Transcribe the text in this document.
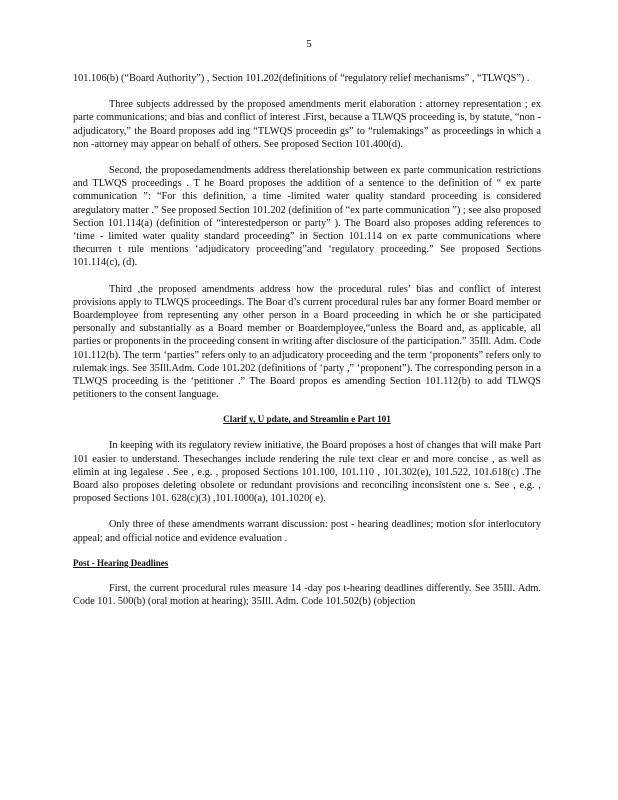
5

101.106(b) (“Board Authority”) , Section 101.202(definitions of “regulatory relief mechanisms” , “TLWQS”) .

Three subjects addressed by the proposed amendments merit elaboration : attorney representation ; ex parte communications; and bias and conflict of interest .First, because a TLWQS proceeding is, by statute, “non -adjudicatory,” the Board proposes add ing “TLWQS proceedin gs” to “rulemakings” as proceedings in which a non -attorney may appear on behalf of others. See proposed Section 101.400(d).

Second, the proposedamendments address therelationship between ex parte communication restrictions and TLWQS proceedings . T he Board proposes the addition of a sentence to the definition of “ ex parte communication ”: “For this definition, a time -limited water quality standard proceeding is considered aregulatory matter .” See proposed Section 101.202 (definition of “ex parte communication ”) ; see also proposed Section 101.114(a) (definition of “interestedperson or party” ). The Board also proposes adding references to ‘time - limited water quality standard proceeding” in Section 101.114 on ex parte communications where thecurren t rule mentions ‘adjudicatory proceeding”and ‘regulatory proceeding.” See proposed Sections 101.114(c), (d).

Third ,the proposed amendments address how the procedural rules’ bias and conflict of interest provisions apply to TLWQS proceedings. The Boar d’s current procedural rules bar any former Board member or Boardemployee from representing any other person in a Board proceeding in which he or she participated personally and substantially as a Board member or Boardemployee,“unless the Board and, as applicable, all parties or proponents in the proceeding consent in writing after disclosure of the participation.” 35Ill. Adm. Code 101.112(b). The term ‘parties” refers only to an adjudicatory proceeding and the term ‘proponents” refers only to rulemak ings. See 35Ill.Adm. Code 101.202 (definitions of ‘party ,” ‘proponent”). The corresponding person in a TLWQS proceeding is the ‘petitioner .” The Board propos es amending Section 101.112(b) to add TLWQS petitioners to the consent language.

Clarif y, U pdate, and Streamlin e Part 101

In keeping with its regulatory review initiative, the Board proposes a host of changes that will make Part 101 easier to understand. Thesechanges include rendering the rule text clear er and more concise , as well as elimin at ing legalese . See , e.g. , proposed Sections 101.100, 101.110 , 101.302(e), 101.522, 101.618(c) .The Board also proposes deleting obsolete or redundant provisions and reconciling inconsistent one s. See , e.g. , proposed Sections 101. 628(c)(3) ,101.1000(a), 101.1020( e).

Only three of these amendments warrant discussion: post - hearing deadlines; motion sfor interlocutory appeal; and official notice and evidence evaluation .

Post - Hearing Deadlines

First, the current procedural rules measure 14 -day pos t-hearing deadlines differently. See 35Ill. Adm. Code 101. 500(b) (oral motion at hearing); 35Ill. Adm. Code 101.502(b) (objection
